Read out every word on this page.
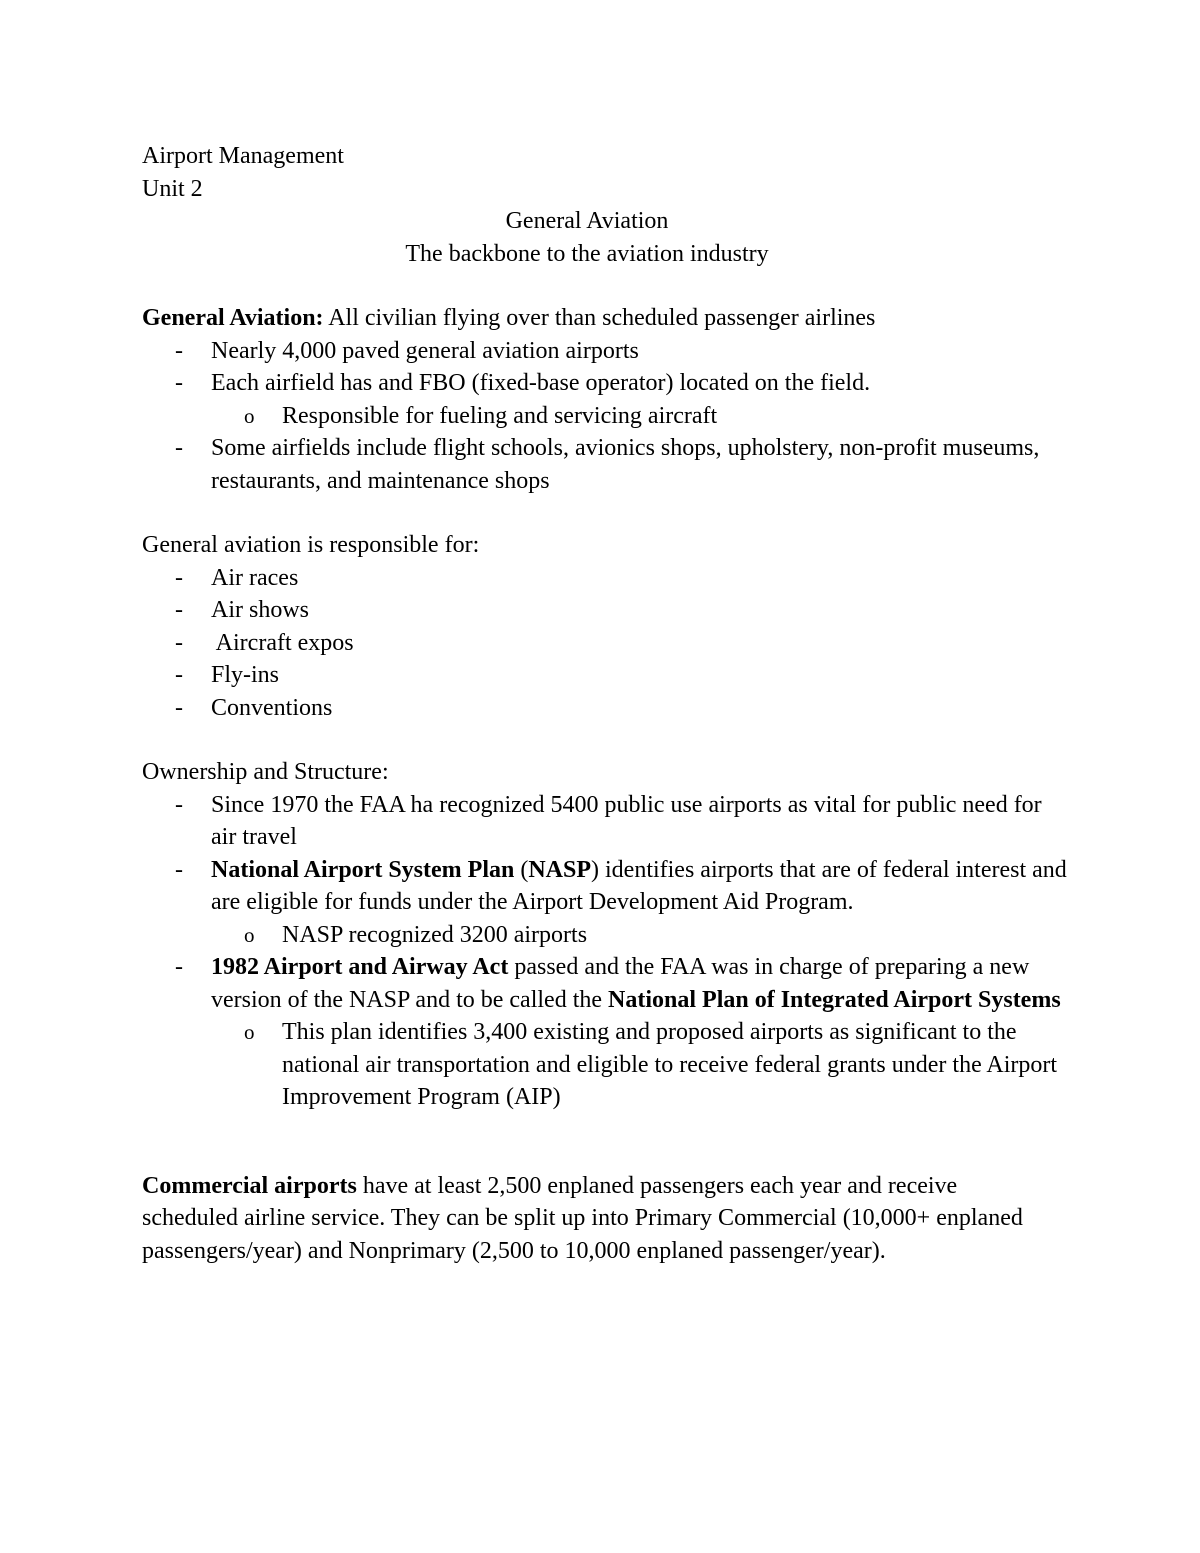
Airport Management
Unit 2
General Aviation
The backbone to the aviation industry
General Aviation: All civilian flying over than scheduled passenger airlines
-	Nearly 4,000 paved general aviation airports
-	Each airfield has and FBO (fixed-base operator) located on the field.
o	Responsible for fueling and servicing aircraft
-	Some airfields include flight schools, avionics shops, upholstery, non-profit museums, restaurants, and maintenance shops
General aviation is responsible for:
-	Air races
-	Air shows
-	Aircraft expos
-	Fly-ins
-	Conventions
Ownership and Structure:
-	Since 1970 the FAA ha recognized 5400 public use airports as vital for public need for air travel
-	National Airport System Plan (NASP) identifies airports that are of federal interest and are eligible for funds under the Airport Development Aid Program.
o	NASP recognized 3200 airports
-	1982 Airport and Airway Act passed and the FAA was in charge of preparing a new version of the NASP and to be called the National Plan of Integrated Airport Systems
o	This plan identifies 3,400 existing and proposed airports as significant to the national air transportation and eligible to receive federal grants under the Airport Improvement Program (AIP)
Commercial airports have at least 2,500 enplaned passengers each year and receive scheduled airline service. They can be split up into Primary Commercial (10,000+ enplaned passengers/year) and Nonprimary (2,500 to 10,000 enplaned passenger/year).
